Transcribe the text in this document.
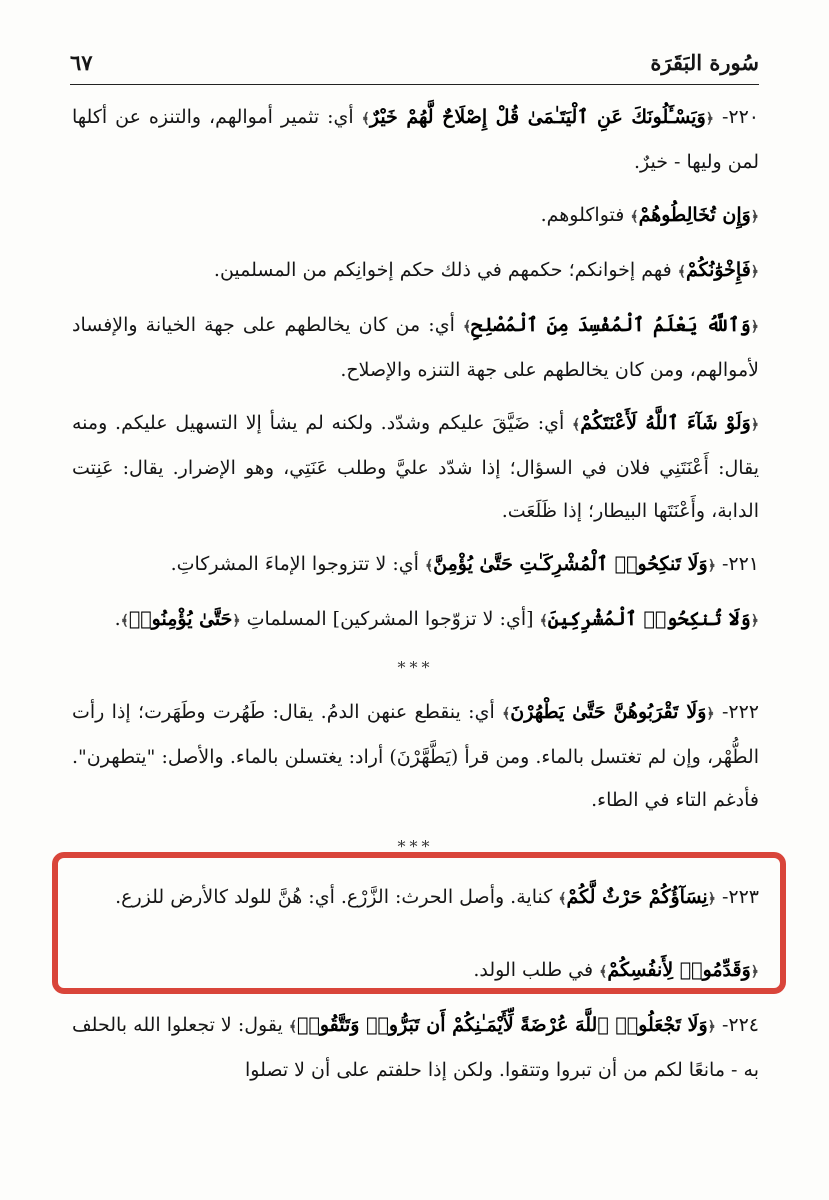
سُورة البَقَرَة
٦٧

٢٢٠- ﴿وَيَسْـَٔلُونَكَ عَنِ ٱلْيَتَـٰمَىٰ قُلْ إِصْلَاحٌ لَّهُمْ خَيْرٌ﴾ أي: تثمير أموالهم، والتنزه عن أكلها لمن وليها - خيرٌ.

﴿وَإِن تُخَالِطُوهُمْ﴾ فتواكلوهم.

﴿فَإِخْوَٰنُكُمْ﴾ فهم إخوانكم؛ حكمهم في ذلك حكم إخوانِكم من المسلمين.

﴿وَٱللَّهُ يَعْلَمُ ٱلْمُفْسِدَ مِنَ ٱلْمُصْلِحِ﴾ أي: من كان يخالطهم على جهة الخيانة والإفساد لأموالهم، ومن كان يخالطهم على جهة التنزه والإصلاح.

﴿وَلَوْ شَآءَ ٱللَّهُ لَأَعْنَتَكُمْ﴾ أي: ضَيَّقَ عليكم وشدّد. ولكنه لم يشأ إلا التسهيل عليكم. ومنه يقال: أَعْنَتَنِي فلان في السؤال؛ إذا شدّد عليَّ وطلب عَنَتِي، وهو الإضرار. يقال: عَنِتت الدابة، وأَعْنَتَها البيطار؛ إذا ظَلَعَت.

٢٢١- ﴿وَلَا تَنكِحُوا۟ ٱلْمُشْرِكَـٰتِ حَتَّىٰ يُؤْمِنَّ﴾ أي: لا تتزوجوا الإماءَ المشركاتِ.

﴿وَلَا تُنكِحُوا۟ ٱلْمُشْرِكِينَ﴾ [أي: لا تزوّجوا المشركين] المسلماتِ ﴿حَتَّىٰ يُؤْمِنُوا۟﴾.

***

٢٢٢- ﴿وَلَا تَقْرَبُوهُنَّ حَتَّىٰ يَطْهُرْنَ﴾ أي: ينقطع عنهن الدمُ. يقال: طَهُرت وطَهَرت؛ إذا رأت الطُّهْر، وإن لم تغتسل بالماء. ومن قرأ (يَطَّهَّرْنَ) أراد: يغتسلن بالماء. والأصل: "يتطهرن". فأدغم التاء في الطاء.

***

٢٢٣- ﴿نِسَآؤُكُمْ حَرْثٌ لَّكُمْ﴾ كناية. وأصل الحرث: الزَّرْع. أي: هُنَّ للولد كالأرض للزرع.

﴿وَقَدِّمُوا۟ لِأَنفُسِكُمْ﴾ في طلب الولد.

٢٢٤- ﴿وَلَا تَجْعَلُوا۟ ٱللَّهَ عُرْضَةً لِّأَيْمَـٰنِكُمْ أَن تَبَرُّوا۟ وَتَتَّقُوا۟﴾ يقول: لا تجعلوا الله بالحلف به - مانعًا لكم من أن تبروا وتتقوا. ولكن إذا حلفتم على أن لا تصلوا
